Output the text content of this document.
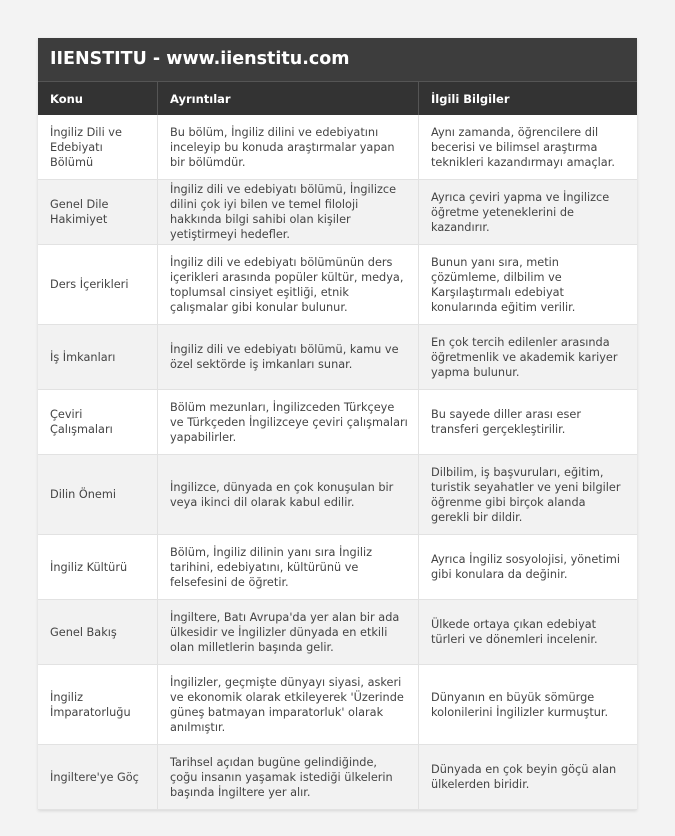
IIENSTITU - www.iienstitu.com
Konu	Ayrıntılar	İlgili Bilgiler
İngiliz Dili ve Edebiyatı Bölümü
Bu bölüm, İngiliz dilini ve edebiyatını inceleyip bu konuda araştırmalar yapan bir bölümdür.
Aynı zamanda, öğrencilere dil becerisi ve bilimsel araştırma teknikleri kazandırmayı amaçlar.
Genel Dile Hakimiyet
İngiliz dili ve edebiyatı bölümü, İngilizce dilini çok iyi bilen ve temel filoloji hakkında bilgi sahibi olan kişiler yetiştirmeyi hedefler.
Ayrıca çeviri yapma ve İngilizce öğretme yeteneklerini de kazandırır.
Ders İçerikleri
İngiliz dili ve edebiyatı bölümünün ders içerikleri arasında popüler kültür, medya, toplumsal cinsiyet eşitliği, etnik çalışmalar gibi konular bulunur.
Bunun yanı sıra, metin çözümleme, dilbilim ve Karşılaştırmalı edebiyat konularında eğitim verilir.
İş İmkanları
İngiliz dili ve edebiyatı bölümü, kamu ve özel sektörde iş imkanları sunar.
En çok tercih edilenler arasında öğretmenlik ve akademik kariyer yapma bulunur.
Çeviri Çalışmaları
Bölüm mezunları, İngilizceden Türkçeye ve Türkçeden İngilizceye çeviri çalışmaları yapabilirler.
Bu sayede diller arası eser transferi gerçekleştirilir.
Dilin Önemi
İngilizce, dünyada en çok konuşulan bir veya ikinci dil olarak kabul edilir.
Dilbilim, iş başvuruları, eğitim, turistik seyahatler ve yeni bilgiler öğrenme gibi birçok alanda gerekli bir dildir.
İngiliz Kültürü
Bölüm, İngiliz dilinin yanı sıra İngiliz tarihini, edebiyatını, kültürünü ve felsefesini de öğretir.
Ayrıca İngiliz sosyolojisi, yönetimi gibi konulara da değinir.
Genel Bakış
İngiltere, Batı Avrupa'da yer alan bir ada ülkesidir ve İngilizler dünyada en etkili olan milletlerin başında gelir.
Ülkede ortaya çıkan edebiyat türleri ve dönemleri incelenir.
İngiliz İmparatorluğu
İngilizler, geçmişte dünyayı siyasi, askeri ve ekonomik olarak etkileyerek 'Üzerinde güneş batmayan imparatorluk' olarak anılmıştır.
Dünyanın en büyük sömürge kolonilerini İngilizler kurmuştur.
İngiltere'ye Göç
Tarihsel açıdan bugüne gelindiğinde, çoğu insanın yaşamak istediği ülkelerin başında İngiltere yer alır.
Dünyada en çok beyin göçü alan ülkelerden biridir.
